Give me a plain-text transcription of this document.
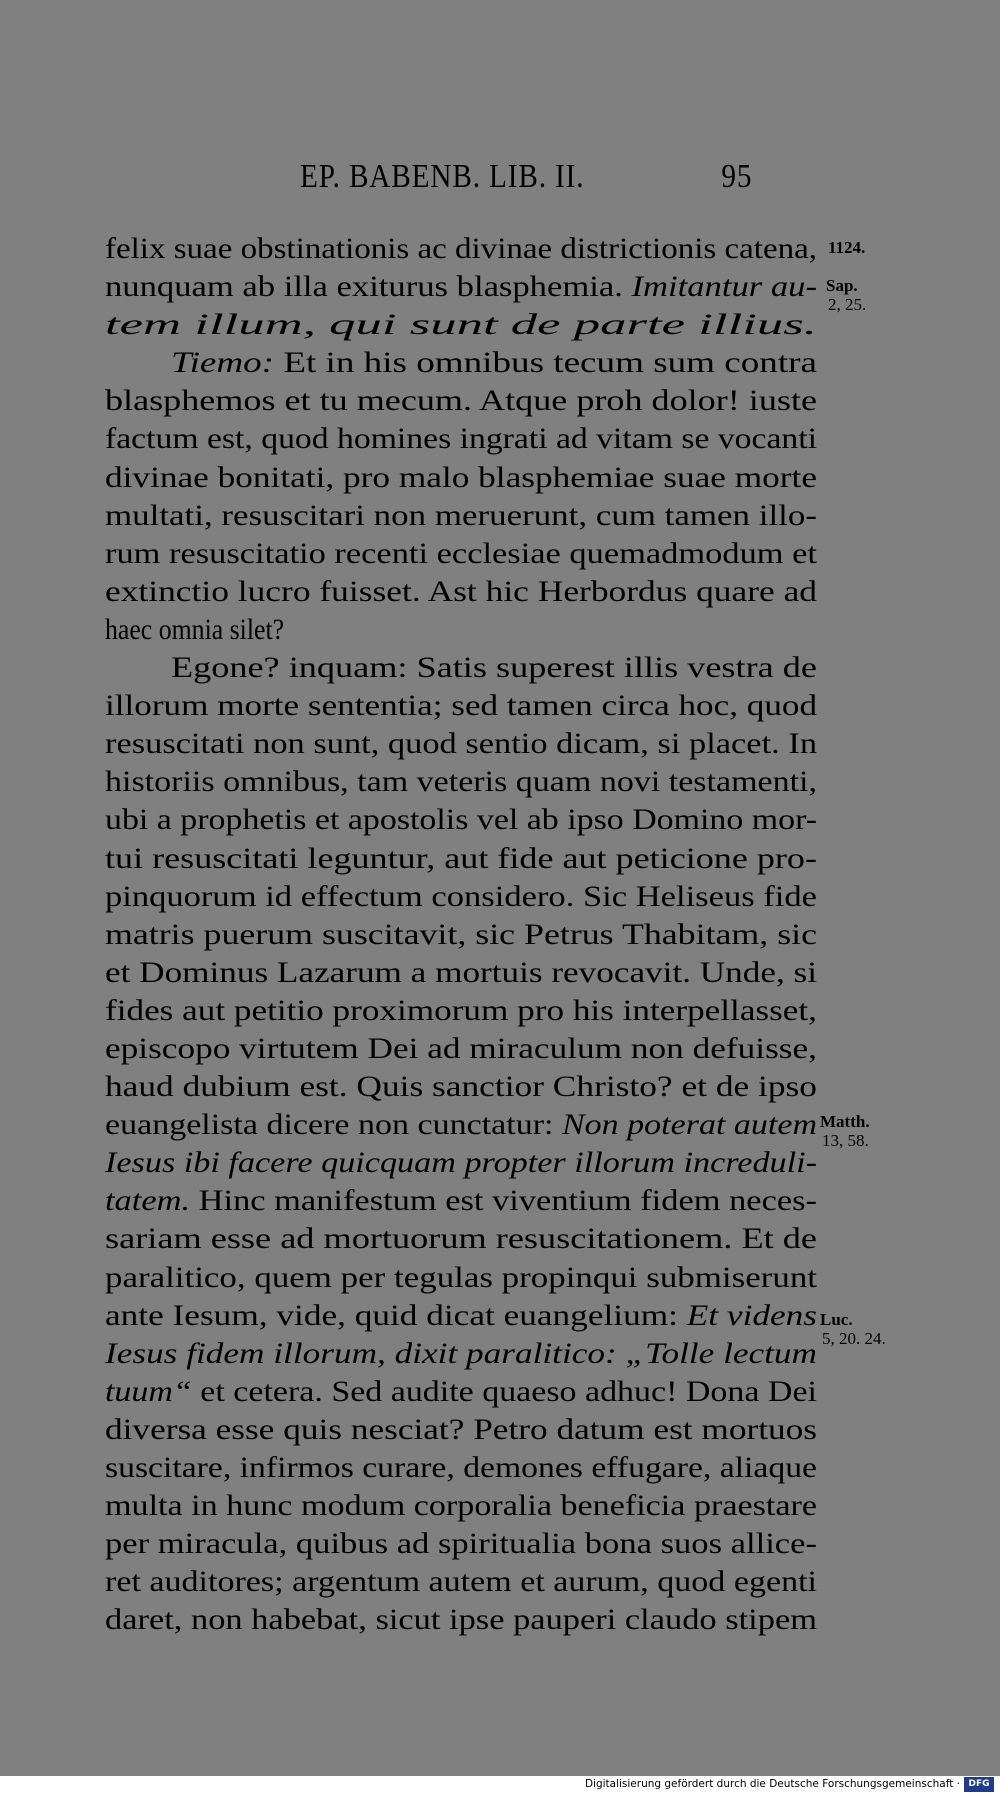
EP. BABENB. LIB. II.	95
felix suae obstinationis ac divinae districtionis catena,
nunquam ab illa exiturus blasphemia. Imitantur au-
tem illum, qui sunt de parte illius.
Tiemo: Et in his omnibus tecum sum contra
blasphemos et tu mecum. Atque proh dolor! iuste
factum est, quod homines ingrati ad vitam se vocanti
divinae bonitati, pro malo blasphemiae suae morte
multati, resuscitari non meruerunt, cum tamen illo-
rum resuscitatio recenti ecclesiae quemadmodum et
extinctio lucro fuisset. Ast hic Herbordus quare ad
haec omnia silet?
Egone? inquam: Satis superest illis vestra de
illorum morte sententia; sed tamen circa hoc, quod
resuscitati non sunt, quod sentio dicam, si placet. In
historiis omnibus, tam veteris quam novi testamenti,
ubi a prophetis et apostolis vel ab ipso Domino mor-
tui resuscitati leguntur, aut fide aut peticione pro-
pinquorum id effectum considero. Sic Heliseus fide
matris puerum suscitavit, sic Petrus Thabitam, sic
et Dominus Lazarum a mortuis revocavit. Unde, si
fides aut petitio proximorum pro his interpellasset,
episcopo virtutem Dei ad miraculum non defuisse,
haud dubium est. Quis sanctior Christo? et de ipso
euangelista dicere non cunctatur: Non poterat autem
Iesus ibi facere quicquam propter illorum increduli-
tatem. Hinc manifestum est viventium fidem neces-
sariam esse ad mortuorum resuscitationem. Et de
paralitico, quem per tegulas propinqui submiserunt
ante Iesum, vide, quid dicat euangelium: Et videns
Iesus fidem illorum, dixit paralitico: „Tolle lectum
tuum“ et cetera. Sed audite quaeso adhuc! Dona Dei
diversa esse quis nesciat? Petro datum est mortuos
suscitare, infirmos curare, demones effugare, aliaque
multa in hunc modum corporalia beneficia praestare
per miracula, quibus ad spiritualia bona suos allice-
ret auditores; argentum autem et aurum, quod egenti
daret, non habebat, sicut ipse pauperi claudo stipem
1124.
Sap.
2, 25.
Matth.
13, 58.
Luc.
5, 20. 24.
Digitalisierung gefördert durch die Deutsche Forschungsgemeinschaft · DFG
